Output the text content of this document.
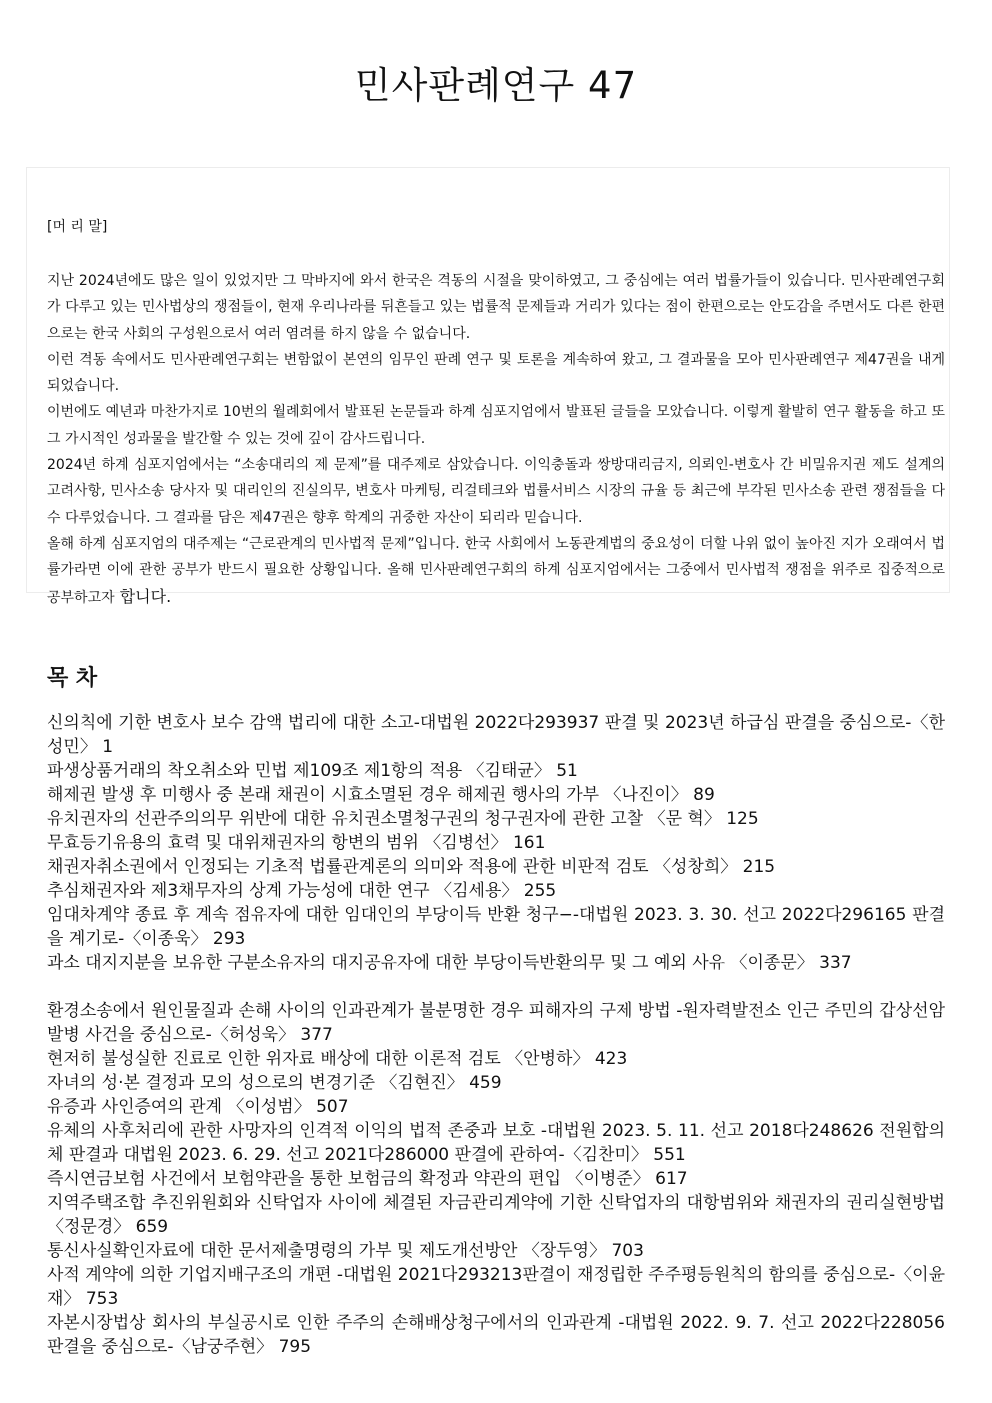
민사판례연구 47
[머 리 말]

지난 2024년에도 많은 일이 있었지만 그 막바지에 와서 한국은 격동의 시절을 맞이하였고, 그 중심에는 여러 법률가들이 있습니다. 민사판례연구회가 다루고 있는 민사법상의 쟁점들이, 현재 우리나라를 뒤흔들고 있는 법률적 문제들과 거리가 있다는 점이 한편으로는 안도감을 주면서도 다른 한편으로는 한국 사회의 구성원으로서 여러 염려를 하지 않을 수 없습니다.

이런 격동 속에서도 민사판례연구회는 변함없이 본연의 임무인 판례 연구 및 토론을 계속하여 왔고, 그 결과물을 모아 민사판례연구 제47권을 내게 되었습니다.

이번에도 예년과 마찬가지로 10번의 월례회에서 발표된 논문들과 하계 심포지엄에서 발표된 글들을 모았습니다. 이렇게 활발히 연구 활동을 하고 또 그 가시적인 성과물을 발간할 수 있는 것에 깊이 감사드립니다.

2024년 하계 심포지엄에서는 “소송대리의 제 문제”를 대주제로 삼았습니다. 이익충돌과 쌍방대리금지, 의뢰인-변호사 간 비밀유지권 제도 설계의 고려사항, 민사소송 당사자 및 대리인의 진실의무, 변호사 마케팅, 리걸테크와 법률서비스 시장의 규율 등 최근에 부각된 민사소송 관련 쟁점들을 다수 다루었습니다. 그 결과를 담은 제47권은 향후 학계의 귀중한 자산이 되리라 믿습니다.

올해 하계 심포지엄의 대주제는 “근로관계의 민사법적 문제”입니다. 한국 사회에서 노동관계법의 중요성이 더할 나위 없이 높아진 지가 오래여서 법률가라면 이에 관한 공부가 반드시 필요한 상황입니다. 올해 민사판례연구회의 하계 심포지엄에서는 그중에서 민사법적 쟁점을 위주로 집중적으로 공부하고자 합니다.

목 차
신의칙에 기한 변호사 보수 감액 법리에 대한 소고-대법원 2022다293937 판결 및 2023년 하급심 판결을 중심으로-〈한성민〉 1
파생상품거래의 착오취소와 민법 제109조 제1항의 적용 〈김태균〉 51
해제권 발생 후 미행사 중 본래 채권이 시효소멸된 경우 해제권 행사의 가부 〈나진이〉 89
유치권자의 선관주의의무 위반에 대한 유치권소멸청구권의 청구권자에 관한 고찰 〈문 혁〉 125
무효등기유용의 효력 및 대위채권자의 항변의 범위 〈김병선〉 161
채권자취소권에서 인정되는 기초적 법률관계론의 의미와 적용에 관한 비판적 검토 〈성창희〉 215
추심채권자와 제3채무자의 상계 가능성에 대한 연구 〈김세용〉 255
임대차계약 종료 후 계속 점유자에 대한 임대인의 부당이득 반환 청구−-대법원 2023. 3. 30. 선고 2022다296165 판결을 계기로-〈이종욱〉 293
과소 대지지분을 보유한 구분소유자의 대지공유자에 대한 부당이득반환의무 및 그 예외 사유 〈이종문〉 337
환경소송에서 원인물질과 손해 사이의 인과관계가 불분명한 경우 피해자의 구제 방법 -원자력발전소 인근 주민의 갑상선암 발병 사건을 중심으로-〈허성욱〉 377
현저히 불성실한 진료로 인한 위자료 배상에 대한 이론적 검토 〈안병하〉 423
자녀의 성·본 결정과 모의 성으로의 변경기준 〈김현진〉 459
유증과 사인증여의 관계 〈이성범〉 507
유체의 사후처리에 관한 사망자의 인격적 이익의 법적 존중과 보호 -대법원 2023. 5. 11. 선고 2018다248626 전원합의체 판결과 대법원 2023. 6. 29. 선고 2021다286000 판결에 관하여-〈김찬미〉 551
즉시연금보험 사건에서 보험약관을 통한 보험금의 확정과 약관의 편입 〈이병준〉 617
지역주택조합 추진위원회와 신탁업자 사이에 체결된 자금관리계약에 기한 신탁업자의 대항범위와 채권자의 권리실현방법 〈정문경〉 659
통신사실확인자료에 대한 문서제출명령의 가부 및 제도개선방안 〈장두영〉 703
사적 계약에 의한 기업지배구조의 개편 -대법원 2021다293213판결이 재정립한 주주평등원칙의 함의를 중심으로-〈이윤재〉 753
자본시장법상 회사의 부실공시로 인한 주주의 손해배상청구에서의 인과관계 -대법원 2022. 9. 7. 선고 2022다228056 판결을 중심으로-〈남궁주현〉 795
